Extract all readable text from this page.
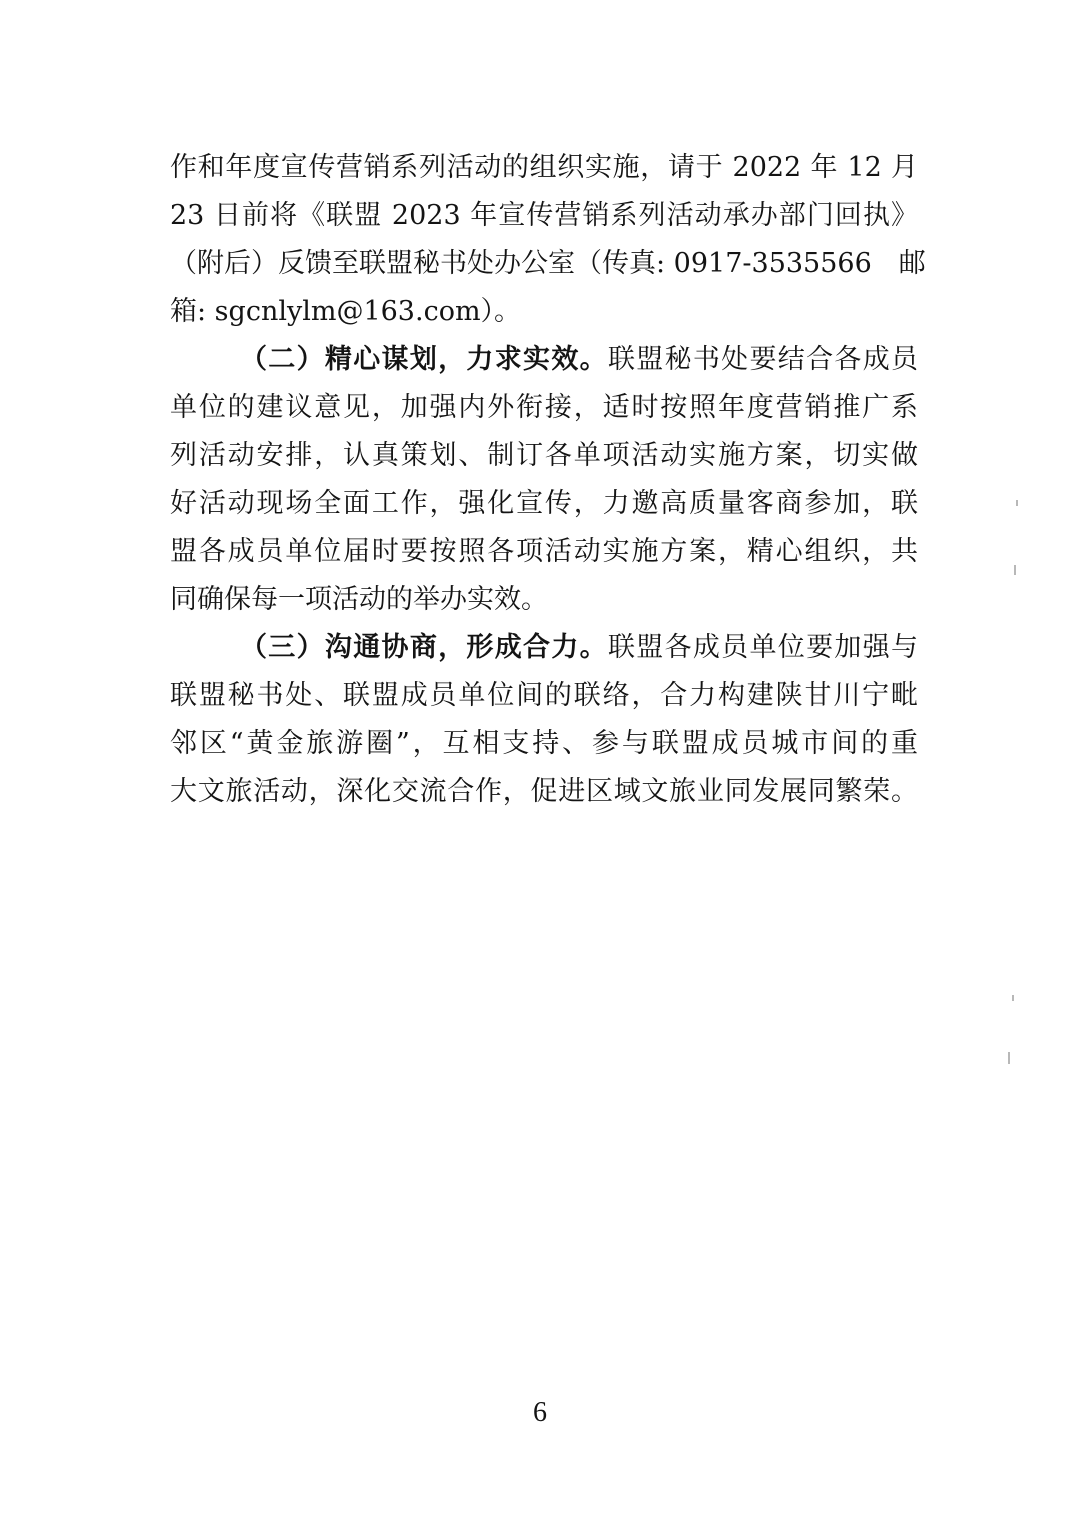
作和年度宣传营销系列活动的组织实施，请于 2022 年 12 月
23 日前将《联盟 2023 年宣传营销系列活动承办部门回执》
（附后）反馈至联盟秘书处办公室（传真: 0917-3535566　邮
箱: sgcnlylm@163.com）。
（二）精心谋划，力求实效。联盟秘书处要结合各成员
单位的建议意见，加强内外衔接，适时按照年度营销推广系
列活动安排，认真策划、制订各单项活动实施方案，切实做
好活动现场全面工作，强化宣传，力邀高质量客商参加，联
盟各成员单位届时要按照各项活动实施方案，精心组织，共
同确保每一项活动的举办实效。
（三）沟通协商，形成合力。联盟各成员单位要加强与
联盟秘书处、联盟成员单位间的联络，合力构建陕甘川宁毗
邻区“黄金旅游圈”，互相支持、参与联盟成员城市间的重
大文旅活动，深化交流合作，促进区域文旅业同发展同繁荣。
6
